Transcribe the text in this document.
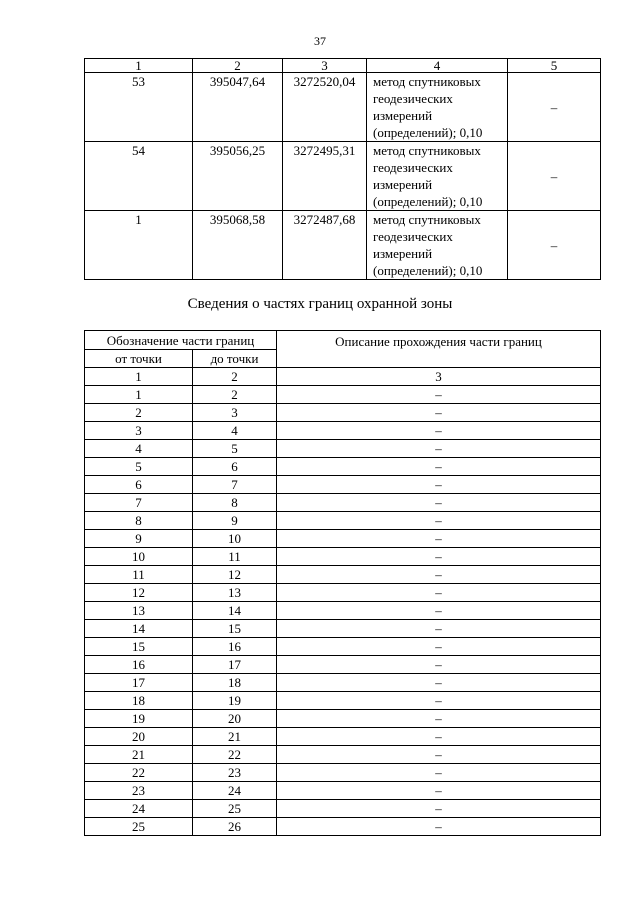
37
1	2	3	4	5
53	395047,64	3272520,04	метод спутниковых геодезических измерений (определений); 0,10	–
54	395056,25	3272495,31	метод спутниковых геодезических измерений (определений); 0,10	–
1	395068,58	3272487,68	метод спутниковых геодезических измерений (определений); 0,10	–
Сведения о частях границ охранной зоны
Обозначение части границ		Описание прохождения части границ
от точки	до точки	
1	2	3
1	2	–
2	3	–
3	4	–
4	5	–
5	6	–
6	7	–
7	8	–
8	9	–
9	10	–
10	11	–
11	12	–
12	13	–
13	14	–
14	15	–
15	16	–
16	17	–
17	18	–
18	19	–
19	20	–
20	21	–
21	22	–
22	23	–
23	24	–
24	25	–
25	26	–
